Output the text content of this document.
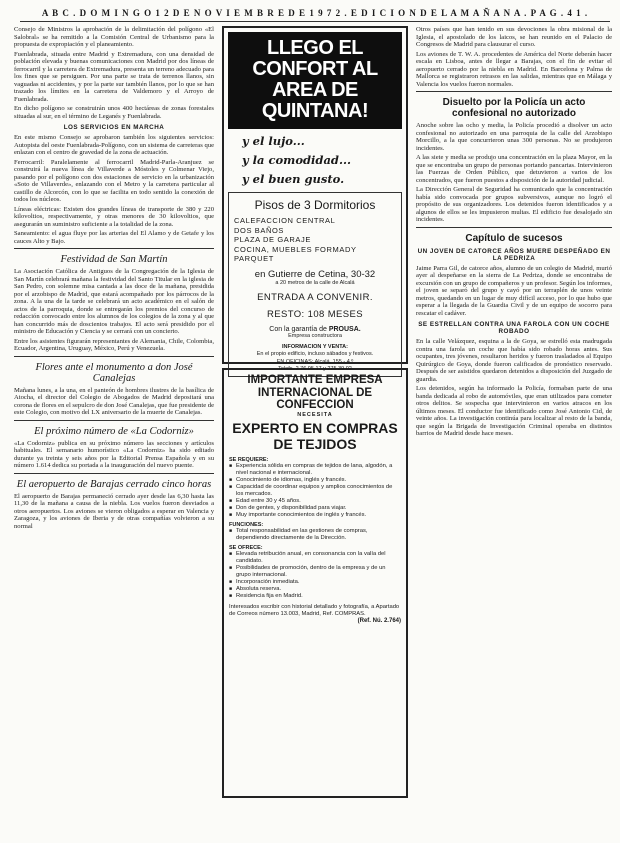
A B C . D O M I N G O 1 2 D E N O V I E M B R E D E 1 9 7 2 . E D I C I O N D E L A M A Ñ A N A . P A G . 4 1 .

Consejo de Ministros la aprobación de la delimitación del polígono «El Salobral» se ha remitido a la Comisión Central de Urbanismo para la propuesta de expropiación y el planeamiento.

Fuenlabrada, situada entre Madrid y Extremadura, con una densidad de población elevada y buenas comunicaciones con Madrid por dos líneas de ferrocarril y la carretera de Extremadura, presenta un terreno adecuado para los fines que se persiguen. Por una parte se trata de terrenos llanos, sin vaguadas ni accidentes, y por la parte sur también llanos, por lo que se han trazado los límites en la carretera de Valdemoro y el Arroyo de Fuenlabrada.

En dicho polígono se construirán unos 400 hectáreas de zonas forestales situadas al sur, en el término de Leganés y Fuenlabrada.

LOS SERVICIOS EN MARCHA

En este mismo Consejo se aprobaron también los siguientes servicios: Autopista del oeste Fuenlabrada-Polígono, con un sistema de carreteras que enlazan con el centro de gravedad de la zona de actuación.

Ferrocarril: Paralelamente al ferrocarril Madrid-Parla-Aranjuez se construirá la nueva línea de Villaverde a Móstoles y Colmenar Viejo, pasando por el polígono con dos estaciones de servicio en la urbanización «Soto de Villaverde», enlazando con el Metro y la carretera particular al castillo de Alcorcón, con lo que se facilita en todo sentido la conexión de todos los núcleos.

Líneas eléctricas: Existen dos grandes líneas de transporte de 380 y 220 kilovoltios, respectivamente, y otras menores de 30 kilovoltios, que asegurarán un suministro suficiente a la totalidad de la zona.

Saneamiento: el agua fluye por las arterias del El Alamo y de Getafe y los cauces Alto y Bajo.

Festividad de San Martín

La Asociación Católica de Antiguos de la Congregación de la Iglesia de San Martín celebrará mañana la festividad del Santo Titular en la iglesia de San Pedro, con solemne misa cantada a las doce de la mañana, presidida por el arzobispo de Madrid, que estará acompañado por los párrocos de la zona. A la una de la tarde se celebrará un acto académico en el salón de actos de la parroquia, donde se entregarán los premios del concurso de redacción convocado entre los alumnos de los colegios de la zona y al que han concurrido más de doscientos trabajos. El acto será presidido por el ministro de Educación y Ciencia y se cerrará con un concierto.

Entre los asistentes figurarán representantes de Alemania, Chile, Colombia, Ecuador, Argentina, Uruguay, México, Perú y Venezuela.

Flores ante el monumento a don José Canalejas

Mañana lunes, a la una, en el panteón de hombres ilustres de la basílica de Atocha, el director del Colegio de Abogados de Madrid depositará una corona de flores en el sepulcro de don José Canalejas, que fue presidente de este Colegio, con motivo del LX aniversario de la muerte de Canalejas.

El próximo número de «La Codorniz»

«La Codorniz» publica en su próximo número las secciones y artículos habituales. El semanario humorístico «La Codorniz» ha sido editado durante ya treinta y seis años por la Editorial Prensa Española y en su número 1.614 dedica su portada a la inauguración del nuevo puente.

El aeropuerto de Barajas cerrado cinco horas

El aeropuerto de Barajas permaneció cerrado ayer desde las 6,30 hasta las 11,30 de la mañana a causa de la niebla. Los vuelos fueron desviados a otros aeropuertos. Los aviones se vieron obligados a esperar en Valencia y Zaragoza, y los aviones de Iberia y de otras compañías volvieron a su normal

LLEGO EL CONFORT AL AREA DE QUINTANA!
y el lujo...
y la comodidad...
y el buen gusto.
Pisos de 3 Dormitorios
CALEFACCION CENTRAL
DOS BAÑOS
PLAZA DE GARAJE
COCINA, MUEBLES FORMADY
PARQUET
en Gutierre de Cetina, 30-32
a 20 metros de la calle de Alcalá
ENTRADA A CONVENIR.
RESTO: 108 MESES
Con la garantía de PROUSA.
Empresa constructora
INFORMACION Y VENTA:
En el propio edificio, incluso sábados y festivos.
EN OFICINAS: Alcalá, 155 - 4.º
Telefs. 2 76 05 17 y 275 39 02
IMPORTANTE EMPRESA INTERNACIONAL DE CONFECCION
NECESITA
EXPERTO EN COMPRAS DE TEJIDOS
SE REQUIERE:
■ Experiencia sólida en compras de tejidos de lana, algodón, a nivel nacional e internacional.
■ Conocimiento de idiomas, inglés y francés.
■ Capacidad de coordinar equipos y amplios conocimientos de los mercados.
■ Edad entre 30 y 45 años.
■ Don de gentes, y disponibilidad para viajar.
■ Muy importante conocimientos de inglés y francés.
FUNCIONES:
■ Total responsabilidad en las gestiones de compras, dependiendo directamente de la Dirección.
SE OFRECE:
■ Elevada retribución anual, en consonancia con la valía del candidato.
■ Posibilidades de promoción, dentro de la empresa y de un grupo internacional.
■ Incorporación inmediata.
■ Absoluta reserva.
■ Residencia fija en Madrid.
Interesados escribir con historial detallado y fotografía, a Apartado de Correos número 13.003, Madrid, Ref. COMPRAS.
(Ref. Nú. 2.764)

Otros países que han tenido en sus devociones la obra misional de la Iglesia, el apostolado de los laicos, se han reunido en el Palacio de Congresos de Madrid para clausurar el curso.

Los aviones de T. W. A. procedentes de América del Norte deberán hacer escala en Lisboa, antes de llegar a Barajas, con el fin de evitar el aeropuerto cerrado por la niebla en Madrid. En Barcelona y Palma de Mallorca se registraron retrasos en las salidas, mientras que en Málaga y Valencia los vuelos fueron normales.

Disuelto por la Policía un acto confesional no autorizado

Anoche sobre las ocho y media, la Policía procedió a disolver un acto confesional no autorizado en una parroquia de la calle del Arzobispo Morcillo, a la que concurrieron unas 300 personas. No se produjeron incidentes.

A las siete y media se produjo una concentración en la plaza Mayor, en la que se encontraba un grupo de personas portando pancartas. Intervinieron las Fuerzas de Orden Público, que detuvieron a varios de los concentrados, que fueron puestos a disposición de la autoridad judicial.

La Dirección General de Seguridad ha comunicado que la concentración había sido convocada por grupos subversivos, aunque no logró el propósito de sus organizadores. Los detenidos fueron identificados y a algunos de ellos se les impusieron multas. El edificio fue desalojado sin incidentes.

Capítulo de sucesos
UN JOVEN DE CATORCE AÑOS MUERE DESPEÑADO EN LA PEDRIZA

Jaime Parra Gil, de catorce años, alumno de un colegio de Madrid, murió ayer al despeñarse en la sierra de La Pedriza, donde se encontraba de excursión con un grupo de compañeros y un profesor. Según los informes, el joven se separó del grupo y cayó por un terraplén de unos veinte metros, quedando en un lugar de muy difícil acceso, por lo que hubo que esperar a la llegada de la Guardia Civil y de un equipo de socorro para rescatar el cadáver.

SE ESTRELLAN CONTRA UNA FAROLA CON UN COCHE ROBADO

En la calle Velázquez, esquina a la de Goya, se estrelló esta madrugada contra una farola un coche que había sido robado horas antes. Sus ocupantes, tres jóvenes, resultaron heridos y fueron trasladados al Equipo Quirúrgico de Goya, donde fueron calificados de pronóstico reservado. Después de ser asistidos quedaron detenidos a disposición del Juzgado de guardia.

Los detenidos, según ha informado la Policía, formaban parte de una banda dedicada al robo de automóviles, que eran utilizados para cometer otros delitos. Se sospecha que intervinieron en varios atracos en los últimos meses. El conductor fue identificado como José Antonio Cid, de veinte años. La investigación continúa para localizar al resto de la banda, que según la Brigada de Investigación Criminal operaba en distintos barrios de Madrid desde hace meses.
